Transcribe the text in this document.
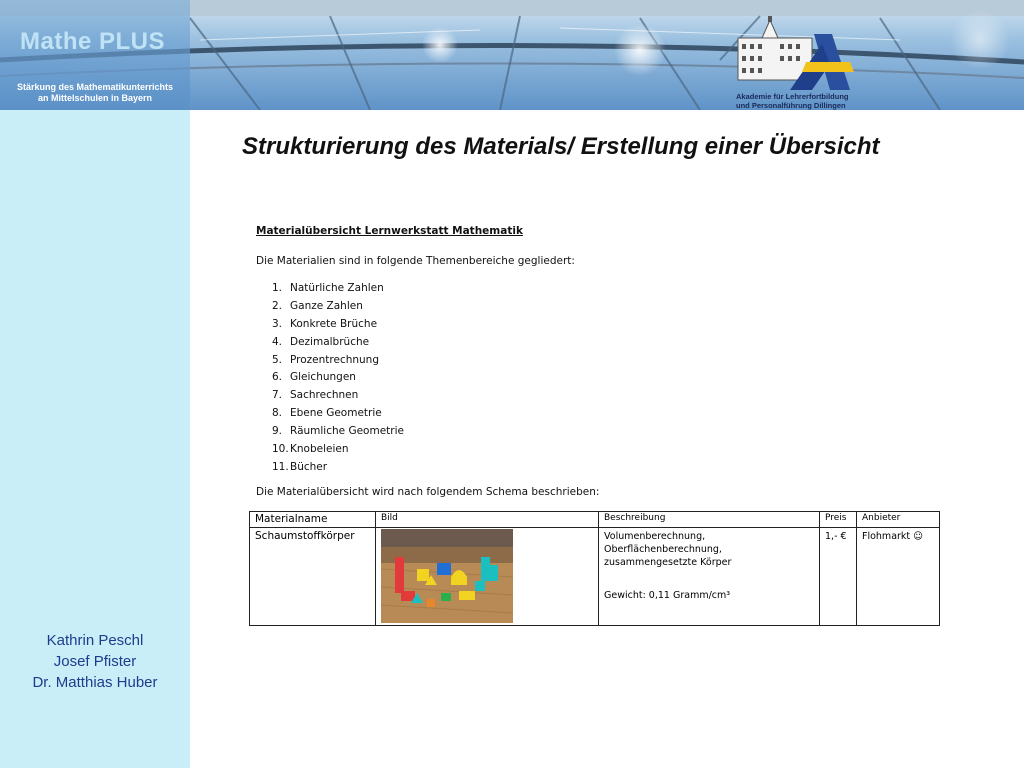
Mathe PLUS
Stärkung des Mathematikunterrichts
an Mittelschulen in Bayern	Akademie für Lehrerfortbildung
und Personalführung Dillingen
Kathrin Peschl
Josef Pfister
Dr. Matthias Huber
Strukturierung des Materials/ Erstellung einer Übersicht
Materialübersicht Lernwerkstatt Mathematik
Die Materialien sind in folgende Themenbereiche gegliedert:
1. Natürliche Zahlen
2. Ganze Zahlen
3. Konkrete Brüche
4. Dezimalbrüche
5. Prozentrechnung
6. Gleichungen
7. Sachrechnen
8. Ebene Geometrie
9. Räumliche Geometrie
10.Knobeleien
11.Bücher
Die Materialübersicht wird nach folgendem Schema beschrieben:
Materialname	Bild	Beschreibung	Preis	Anbieter
Schaumstoffkörper		Volumenberechnung,
Oberflächenberechnung,
zusammengesetzte Körper
Gewicht: 0,11 Gramm/cm³	1,- €	Flohmarkt ☺
